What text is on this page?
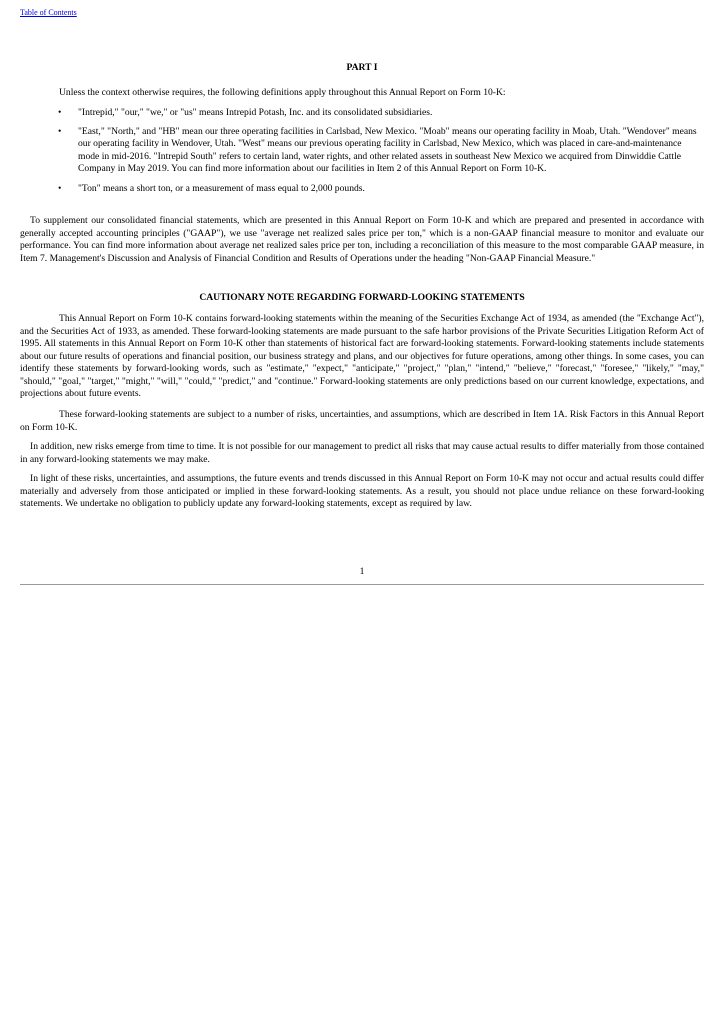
Table of Contents
PART I
Unless the context otherwise requires, the following definitions apply throughout this Annual Report on Form 10-K:
• "Intrepid," "our," "we," or "us" means Intrepid Potash, Inc. and its consolidated subsidiaries.
• "East," "North," and "HB" mean our three operating facilities in Carlsbad, New Mexico. "Moab" means our operating facility in Moab, Utah. "Wendover" means our operating facility in Wendover, Utah. "West" means our previous operating facility in Carlsbad, New Mexico, which was placed in care-and-maintenance mode in mid-2016. "Intrepid South" refers to certain land, water rights, and other related assets in southeast New Mexico we acquired from Dinwiddie Cattle Company in May 2019. You can find more information about our facilities in Item 2 of this Annual Report on Form 10-K.
• "Ton" means a short ton, or a measurement of mass equal to 2,000 pounds.

To supplement our consolidated financial statements, which are presented in this Annual Report on Form 10-K and which are prepared and presented in accordance with generally accepted accounting principles ("GAAP"), we use "average net realized sales price per ton," which is a non-GAAP financial measure to monitor and evaluate our performance. You can find more information about average net realized sales price per ton, including a reconciliation of this measure to the most comparable GAAP measure, in Item 7. Management's Discussion and Analysis of Financial Condition and Results of Operations under the heading "Non-GAAP Financial Measure."

CAUTIONARY NOTE REGARDING FORWARD-LOOKING STATEMENTS

This Annual Report on Form 10-K contains forward-looking statements within the meaning of the Securities Exchange Act of 1934, as amended (the "Exchange Act"), and the Securities Act of 1933, as amended. These forward-looking statements are made pursuant to the safe harbor provisions of the Private Securities Litigation Reform Act of 1995. All statements in this Annual Report on Form 10-K other than statements of historical fact are forward-looking statements. Forward-looking statements include statements about our future results of operations and financial position, our business strategy and plans, and our objectives for future operations, among other things. In some cases, you can identify these statements by forward-looking words, such as "estimate," "expect," "anticipate," "project," "plan," "intend," "believe," "forecast," "foresee," "likely," "may," "should," "goal," "target," "might," "will," "could," "predict," and "continue." Forward-looking statements are only predictions based on our current knowledge, expectations, and projections about future events.

These forward-looking statements are subject to a number of risks, uncertainties, and assumptions, which are described in Item 1A. Risk Factors in this Annual Report on Form 10-K.

In addition, new risks emerge from time to time. It is not possible for our management to predict all risks that may cause actual results to differ materially from those contained in any forward-looking statements we may make.

In light of these risks, uncertainties, and assumptions, the future events and trends discussed in this Annual Report on Form 10-K may not occur and actual results could differ materially and adversely from those anticipated or implied in these forward-looking statements. As a result, you should not place undue reliance on these forward-looking statements. We undertake no obligation to publicly update any forward-looking statements, except as required by law.

1
